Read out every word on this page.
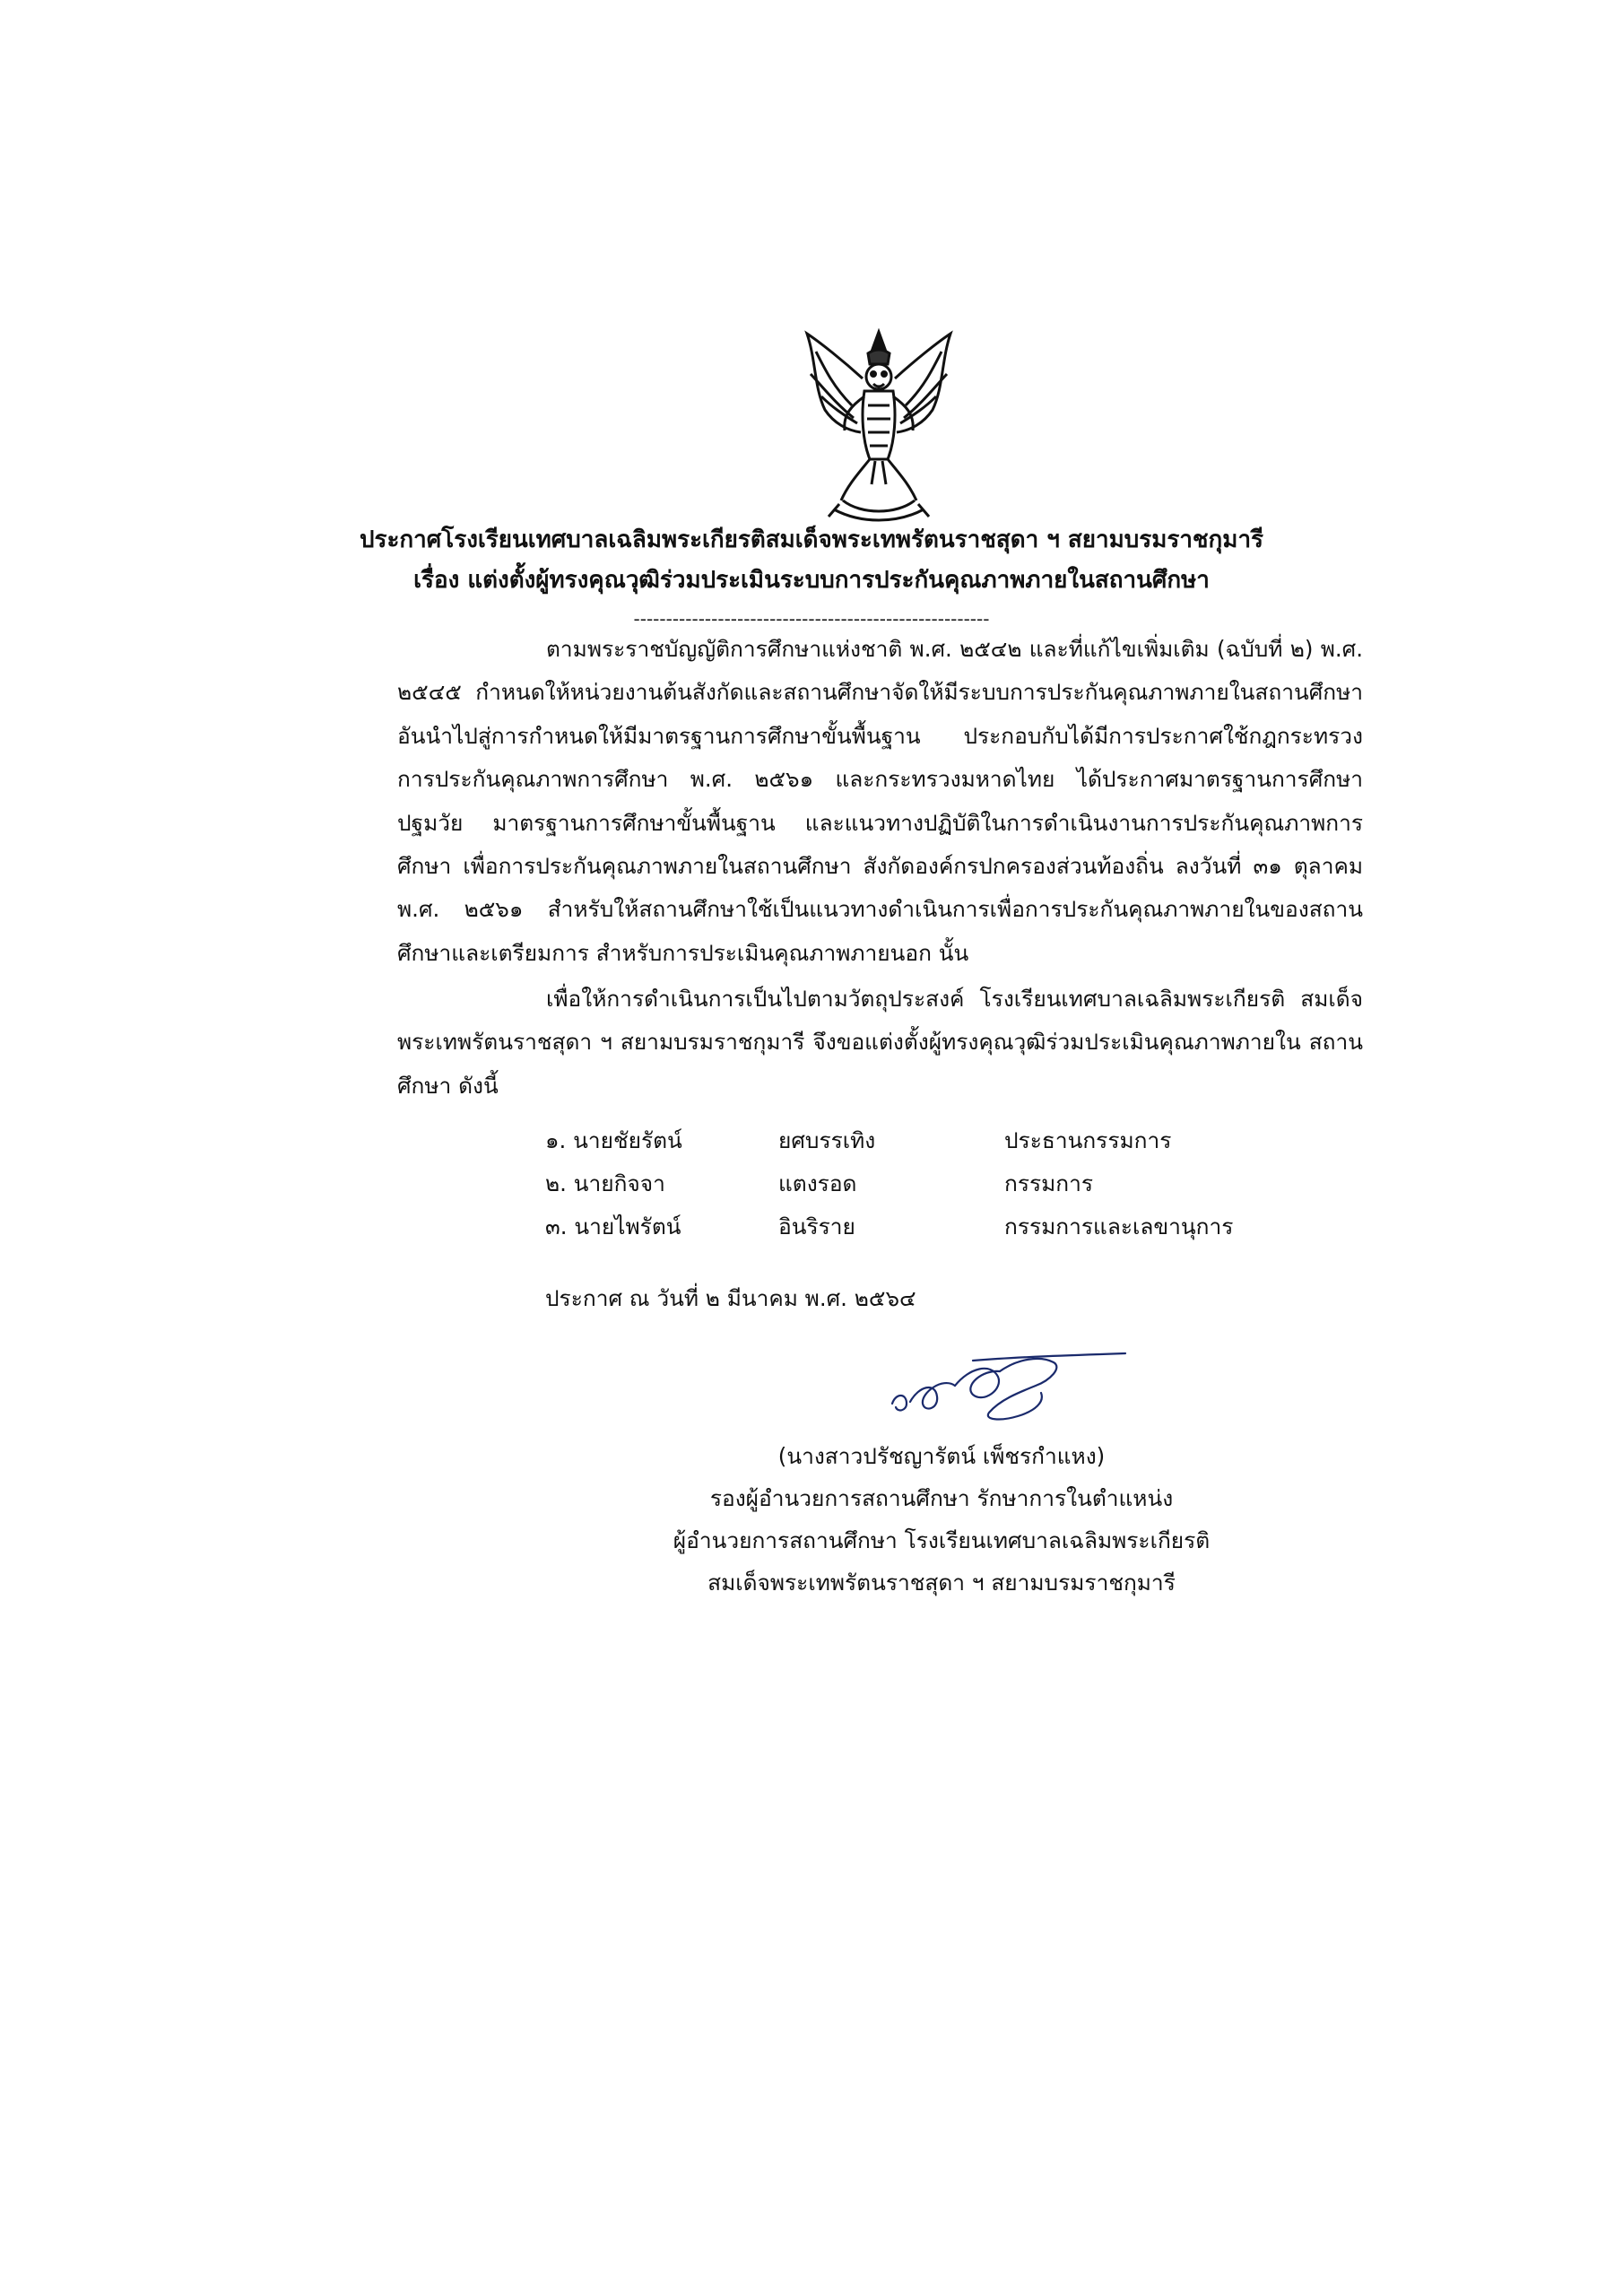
ประกาศโรงเรียนเทศบาลเฉลิมพระเกียรติสมเด็จพระเทพรัตนราชสุดา ฯ สยามบรมราชกุมารี
เรื่อง แต่งตั้งผู้ทรงคุณวุฒิร่วมประเมินระบบการประกันคุณภาพภายในสถานศึกษา
-------------------------------------------------------

ตามพระราชบัญญัติการศึกษาแห่งชาติ พ.ศ. ๒๕๔๒ และที่แก้ไขเพิ่มเติม (ฉบับที่ ๒) พ.ศ. ๒๕๔๕ กำหนดให้หน่วยงานต้นสังกัดและสถานศึกษาจัดให้มีระบบการประกันคุณภาพภายในสถานศึกษา อันนำไปสู่การกำหนดให้มีมาตรฐานการศึกษาขั้นพื้นฐาน ประกอบกับได้มีการประกาศใช้กฎกระทรวง การประกันคุณภาพการศึกษา พ.ศ. ๒๕๖๑ และกระทรวงมหาดไทย ได้ประกาศมาตรฐานการศึกษาปฐมวัย มาตรฐานการศึกษาขั้นพื้นฐาน และแนวทางปฏิบัติในการดำเนินงานการประกันคุณภาพการศึกษา เพื่อการประกันคุณภาพภายในสถานศึกษา สังกัดองค์กรปกครองส่วนท้องถิ่น ลงวันที่ ๓๑ ตุลาคม พ.ศ. ๒๕๖๑ สำหรับให้สถานศึกษาใช้เป็นแนวทางดำเนินการเพื่อการประกันคุณภาพภายในของสถานศึกษาและเตรียมการ สำหรับการประเมินคุณภาพภายนอก นั้น

เพื่อให้การดำเนินการเป็นไปตามวัตถุประสงค์ โรงเรียนเทศบาลเฉลิมพระเกียรติ สมเด็จพระเทพรัตนราชสุดา ฯ สยามบรมราชกุมารี จึงขอแต่งตั้งผู้ทรงคุณวุฒิร่วมประเมินคุณภาพภายใน สถานศึกษา ดังนี้

๑. นายชัยรัตน์	ยศบรรเทิง	ประธานกรรมการ
๒. นายกิจจา	แตงรอด	กรรมการ
๓. นายไพรัตน์	อินริราย	กรรมการและเลขานุการ
ประกาศ ณ วันที่ ๒ มีนาคม พ.ศ. ๒๕๖๔
(นางสาวปรัชญารัตน์ เพ็ชรกำแหง)
รองผู้อำนวยการสถานศึกษา รักษาการในตำแหน่ง
ผู้อำนวยการสถานศึกษา โรงเรียนเทศบาลเฉลิมพระเกียรติ
สมเด็จพระเทพรัตนราชสุดา ฯ สยามบรมราชกุมารี
